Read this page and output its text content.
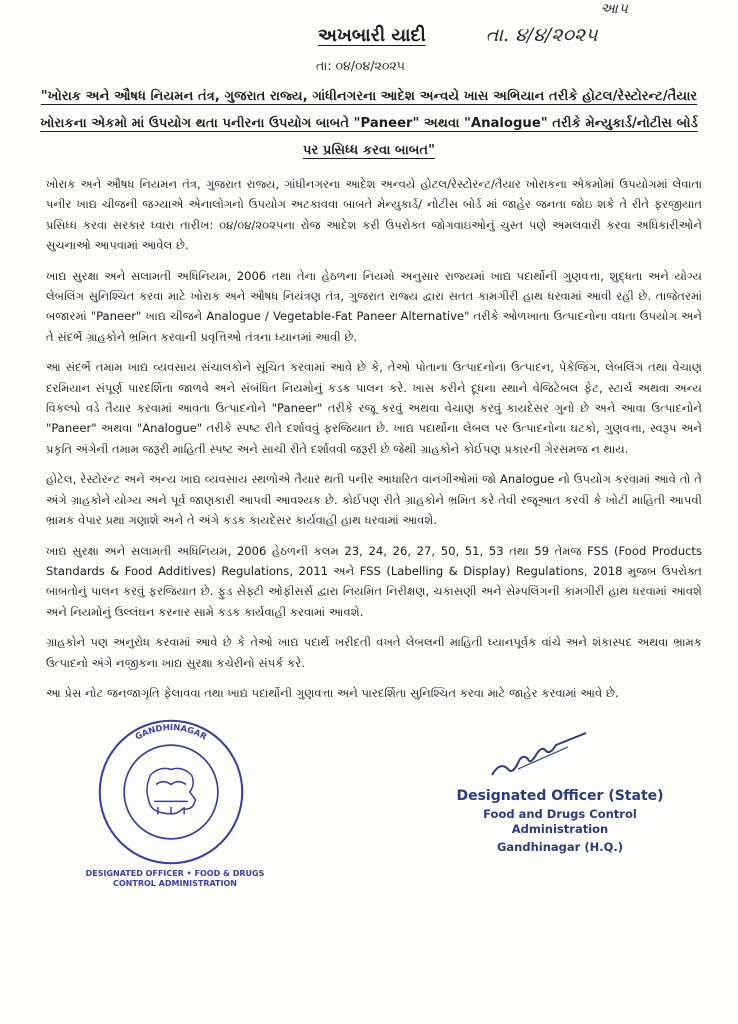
આપ
અખબારી યાદી	તા. ૪/૪/૨૦૨૫
તા: ૦૪/૦૪/૨૦૨૫
"ખોરાક અને ઔષધ નિયમન તંત્ર, ગુજરાત રાજ્ય, ગાંધીનગરના આદેશ અન્વયે ખાસ અભિયાન તરીકે હોટલ/રેસ્ટોરન્ટ/તૈયાર ખોરાકના એકમો માં ઉપયોગ થતા પનીરના ઉપયોગ બાબતે "Paneer" અથવા "Analogue" તરીકે મેન્યુકાર્ડ/નોટીસ બોર્ડ પર પ્રસિધ્ધ કરવા બાબત"

ખોરાક અને ઔષધ નિયમન તંત્ર, ગુજરાત રાજ્ય, ગાંધીનગરના આદેશ અન્વયે હોટલ/રેસ્ટોરન્ટ/તૈયાર ખોરાકના એકમોમાં ઉપયોગમાં લેવાતા પનીર ખાદ્ય ચીજની જગ્યાએ એનાલોગનો ઉપયોગ અટકાવવા બાબતે મેન્યુકાર્ડ/ નોટીસ બોર્ડ માં જાહેર જનતા જોઇ શકે તે રીતે ફરજીયાત પ્રસિધ્ધ કરવા સરકાર ધ્વારા તારીખ: ૦૪/૦૪/૨૦૨૫ના રોજ આદેશ કરી ઉપરોક્ત જોગવાઇઓનું ચુસ્ત પણે અમલવારી કરવા અધિકારીઓને સુચનાઓ આપવામાં આવેલ છે.

ખાદ્ય સુરક્ષા અને સલામતી અધિનિયમ, 2006 તથા તેના હેઠળના નિયમો અનુસાર રાજ્યમાં ખાદ્ય પદાર્થોની ગુણવત્તા, શુદ્ધતા અને યોગ્ય લેબલિંગ સુનિશ્ચિત કરવા માટે ખોરાક અને ઔષધ નિયંત્રણ તંત્ર, ગુજરાત રાજ્ય દ્વારા સતત કામગીરી હાથ ધરવામાં આવી રહી છે. તાજેતરમાં બજારમાં "Paneer" ખાદ્ય ચીજને Analogue / Vegetable-Fat Paneer Alternative" તરીકે ઓળખાતા ઉત્પાદનોના વધતા ઉપયોગ અને તે સંદર્ભે ગ્રાહકોને ભ્રમિત કરવાની પ્રવૃત્તિઓ તંત્રના ધ્યાનમાં આવી છે.

આ સંદર્ભે તમામ ખાદ્ય વ્યવસાય સંચાલકોને સૂચિત કરવામાં આવે છે કે, તેઓ પોતાના ઉત્પાદનોના ઉત્પાદન, પેકેજિંગ, લેબલિંગ તથા વેચાણ દરમિયાન સંપૂર્ણ પારદર્શિતા જાળવે અને સંબંધિત નિયમોનું કડક પાલન કરે. ખાસ કરીને દૂધના સ્થાને વેજિટેબલ ફેટ, સ્ટાર્ચ અથવા અન્ય વિકલ્પો વડે તૈયાર કરવામાં આવતા ઉત્પાદનોને "Paneer" તરીકે રજૂ કરવું અથવા વેચાણ કરવું કાયદેસર ગુનો છે અને આવા ઉત્પાદનોને "Paneer" અથવા "Analogue" તરીકે સ્પષ્ટ રીતે દર્શાવવું ફરજિયાત છે. ખાદ્ય પદાર્થોના લેબલ પર ઉત્પાદનોના ઘટકો, ગુણવત્તા, સ્વરૂપ અને પ્રકૃતિ અંગેની તમામ જરૂરી માહિતી સ્પષ્ટ અને સાચી રીતે દર્શાવવી જરૂરી છે જેથી ગ્રાહકોને કોઈપણ પ્રકારની ગેરસમજ ન થાય.

હોટેલ, રેસ્ટોરન્ટ અને અન્ય ખાદ્ય વ્યવસાય સ્થળોએ તૈયાર થતી પનીર આધારિત વાનગીઓમાં જો Analogue નો ઉપયોગ કરવામાં આવે તો તે અંગે ગ્રાહકોને યોગ્ય અને પૂર્વ જાણકારી આપવી આવશ્યક છે. કોઈપણ રીતે ગ્રાહકોને ભ્રમિત કરે તેવી રજૂઆત કરવી કે ખોટી માહિતી આપવી ભ્રામક વેપાર પ્રથા ગણાશે અને તે અંગે કડક કાયદેસર કાર્યવાહી હાથ ધરવામાં આવશે.

ખાદ્ય સુરક્ષા અને સલામતી અધિનિયમ, 2006 હેઠળની કલમ 23, 24, 26, 27, 50, 51, 53 તથા 59 તેમજ FSS (Food Products Standards & Food Additives) Regulations, 2011 અને FSS (Labelling & Display) Regulations, 2018 મુજબ ઉપરોક્ત બાબતોનું પાલન કરવું ફરજિયાત છે. ફુડ સેફ્ટી ઓફીસર્સ દ્વારા નિયમિત નિરીક્ષણ, ચકાસણી અને સેમ્પલિંગની કામગીરી હાથ ધરવામાં આવશે અને નિયમોનું ઉલ્લંઘન કરનાર સામે કડક કાર્યવાહી કરવામાં આવશે.

ગ્રાહકોને પણ અનુરોધ કરવામાં આવે છે કે તેઓ ખાદ્ય પદાર્થ ખરીદતી વખતે લેબલની માહિતી ધ્યાનપૂર્વક વાંચે અને શંકાસ્પદ અથવા ભ્રામક ઉત્પાદનો અંગે નજીકના ખાદ્ય સુરક્ષા કચેરીનો સંપર્ક કરે.

આ પ્રેસ નોટ જનજાગૃતિ ફેલાવવા તથા ખાદ્ય પદાર્થોની ગુણવત્તા અને પારદર્શિતા સુનિશ્ચિત કરવા માટે જાહેર કરવામાં આવે છે.

GANDHINAGAR
DESIGNATED OFFICER • FOOD & DRUGS CONTROL ADMINISTRATION
Designated Officer (State)
Food and Drugs Control Administration
Gandhinagar (H.Q.)
